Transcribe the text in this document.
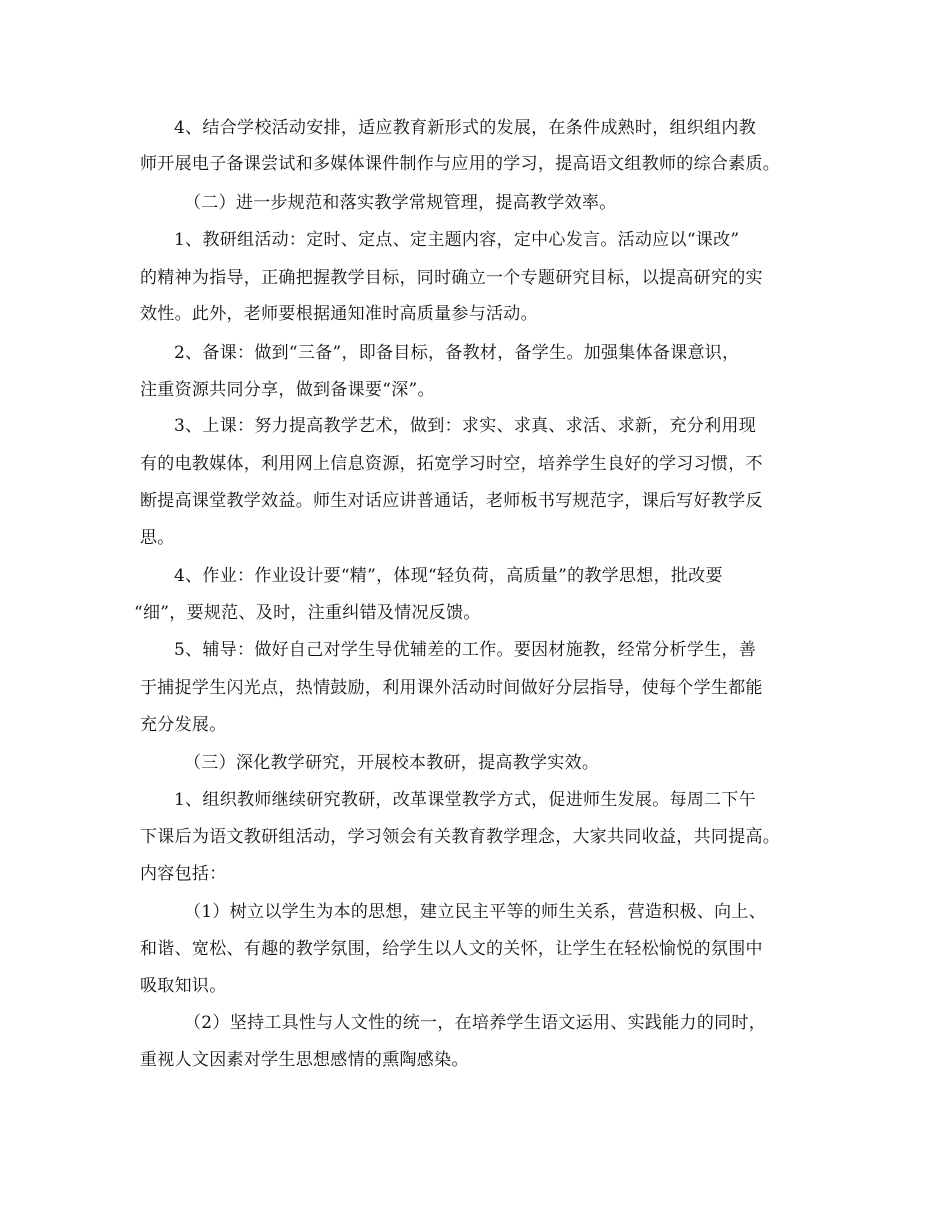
4、结合学校活动安排，适应教育新形式的发展，在条件成熟时，组织组内教
师开展电子备课尝试和多媒体课件制作与应用的学习，提高语文组教师的综合素质。
（二）进一步规范和落实教学常规管理，提高教学效率。
1、教研组活动：定时、定点、定主题内容，定中心发言。活动应以“课改”
的精神为指导，正确把握教学目标，同时确立一个专题研究目标，以提高研究的实
效性。此外，老师要根据通知准时高质量参与活动。
2、备课：做到“三备”，即备目标，备教材，备学生。加强集体备课意识，
注重资源共同分享，做到备课要“深”。
3、上课：努力提高教学艺术，做到：求实、求真、求活、求新，充分利用现
有的电教媒体，利用网上信息资源，拓宽学习时空，培养学生良好的学习习惯，不
断提高课堂教学效益。师生对话应讲普通话，老师板书写规范字，课后写好教学反
思。
4、作业：作业设计要“精”，体现“轻负荷，高质量”的教学思想，批改要
“细”，要规范、及时，注重纠错及情况反馈。
5、辅导：做好自己对学生导优辅差的工作。要因材施教，经常分析学生，善
于捕捉学生闪光点，热情鼓励，利用课外活动时间做好分层指导，使每个学生都能
充分发展。
（三）深化教学研究，开展校本教研，提高教学实效。
1、组织教师继续研究教研，改革课堂教学方式，促进师生发展。每周二下午
下课后为语文教研组活动，学习领会有关教育教学理念，大家共同收益，共同提高。
内容包括：
（1）树立以学生为本的思想，建立民主平等的师生关系，营造积极、向上、
和谐、宽松、有趣的教学氛围，给学生以人文的关怀，让学生在轻松愉悦的氛围中
吸取知识。
（2）坚持工具性与人文性的统一，在培养学生语文运用、实践能力的同时，
重视人文因素对学生思想感情的熏陶感染。
